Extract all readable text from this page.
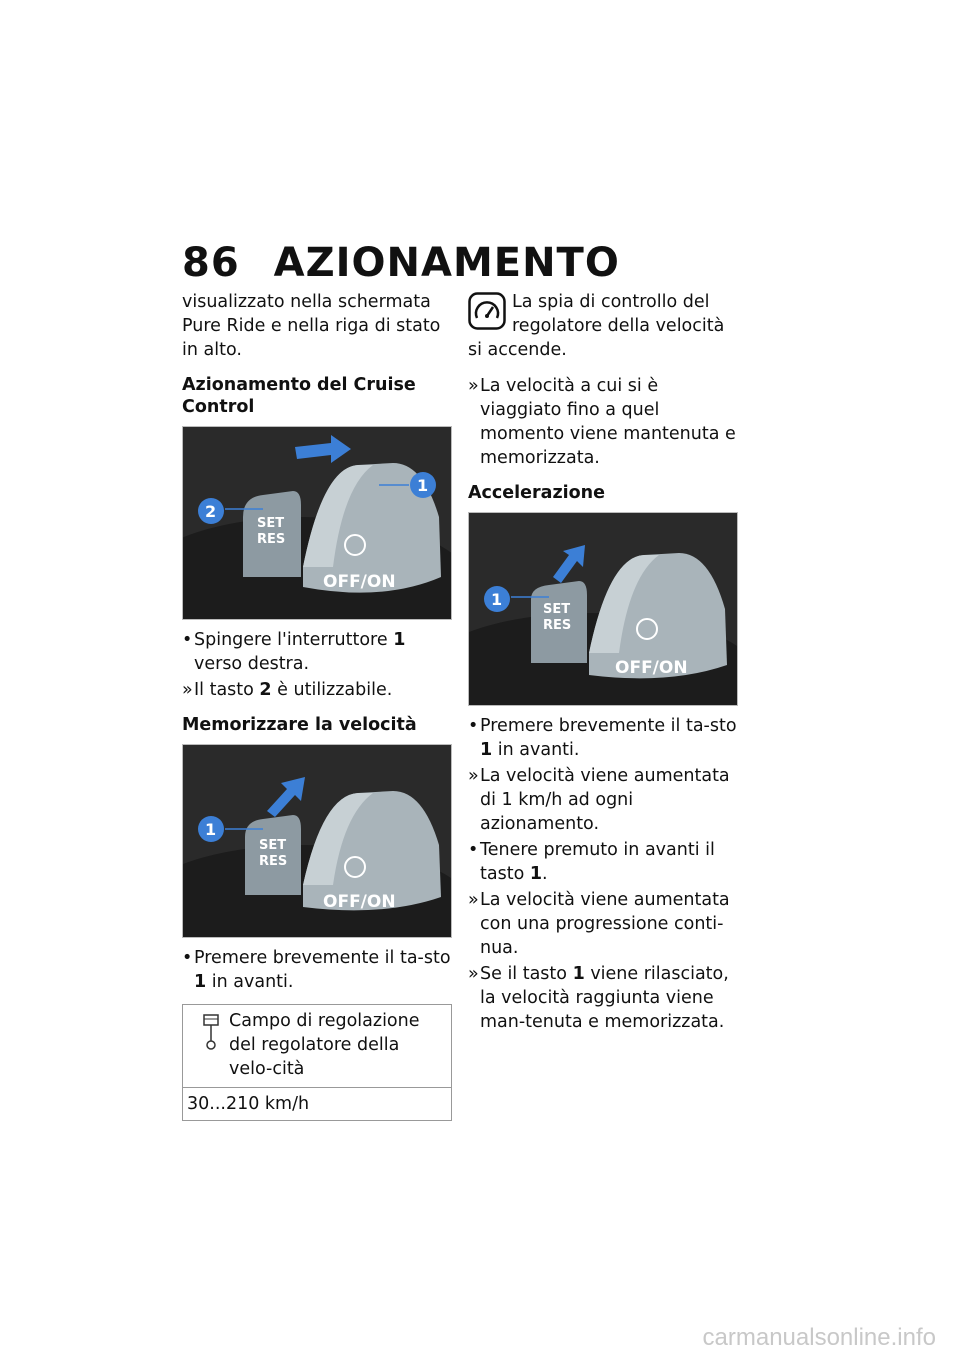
86 AZIONAMENTO

visualizzato nella schermata Pure Ride e nella riga di stato in alto.

Azionamento del Cruise Control
SET
RES
OFF/ON
1
2
• Spingere l'interruttore 1 verso destra.
» Il tasto 2 è utilizzabile.
Memorizzare la velocità
SET
RES
OFF/ON
1
• Premere brevemente il ta-sto 1 in avanti.
Campo di regolazione del regolatore della velo-cità
30...210 km/h

La spia di controllo del regolatore della velocità si accende.

» La velocità a cui si è viaggiato fino a quel momento viene mantenuta e memorizzata.
Accelerazione
SET
RES
OFF/ON
1
• Premere brevemente il ta-sto 1 in avanti.
» La velocità viene aumentata di 1 km/h ad ogni azionamento.
• Tenere premuto in avanti il tasto 1.
» La velocità viene aumentata con una progressione conti-nua.
» Se il tasto 1 viene rilasciato, la velocità raggiunta viene man-tenuta e memorizzata.
carmanualsonline.info
